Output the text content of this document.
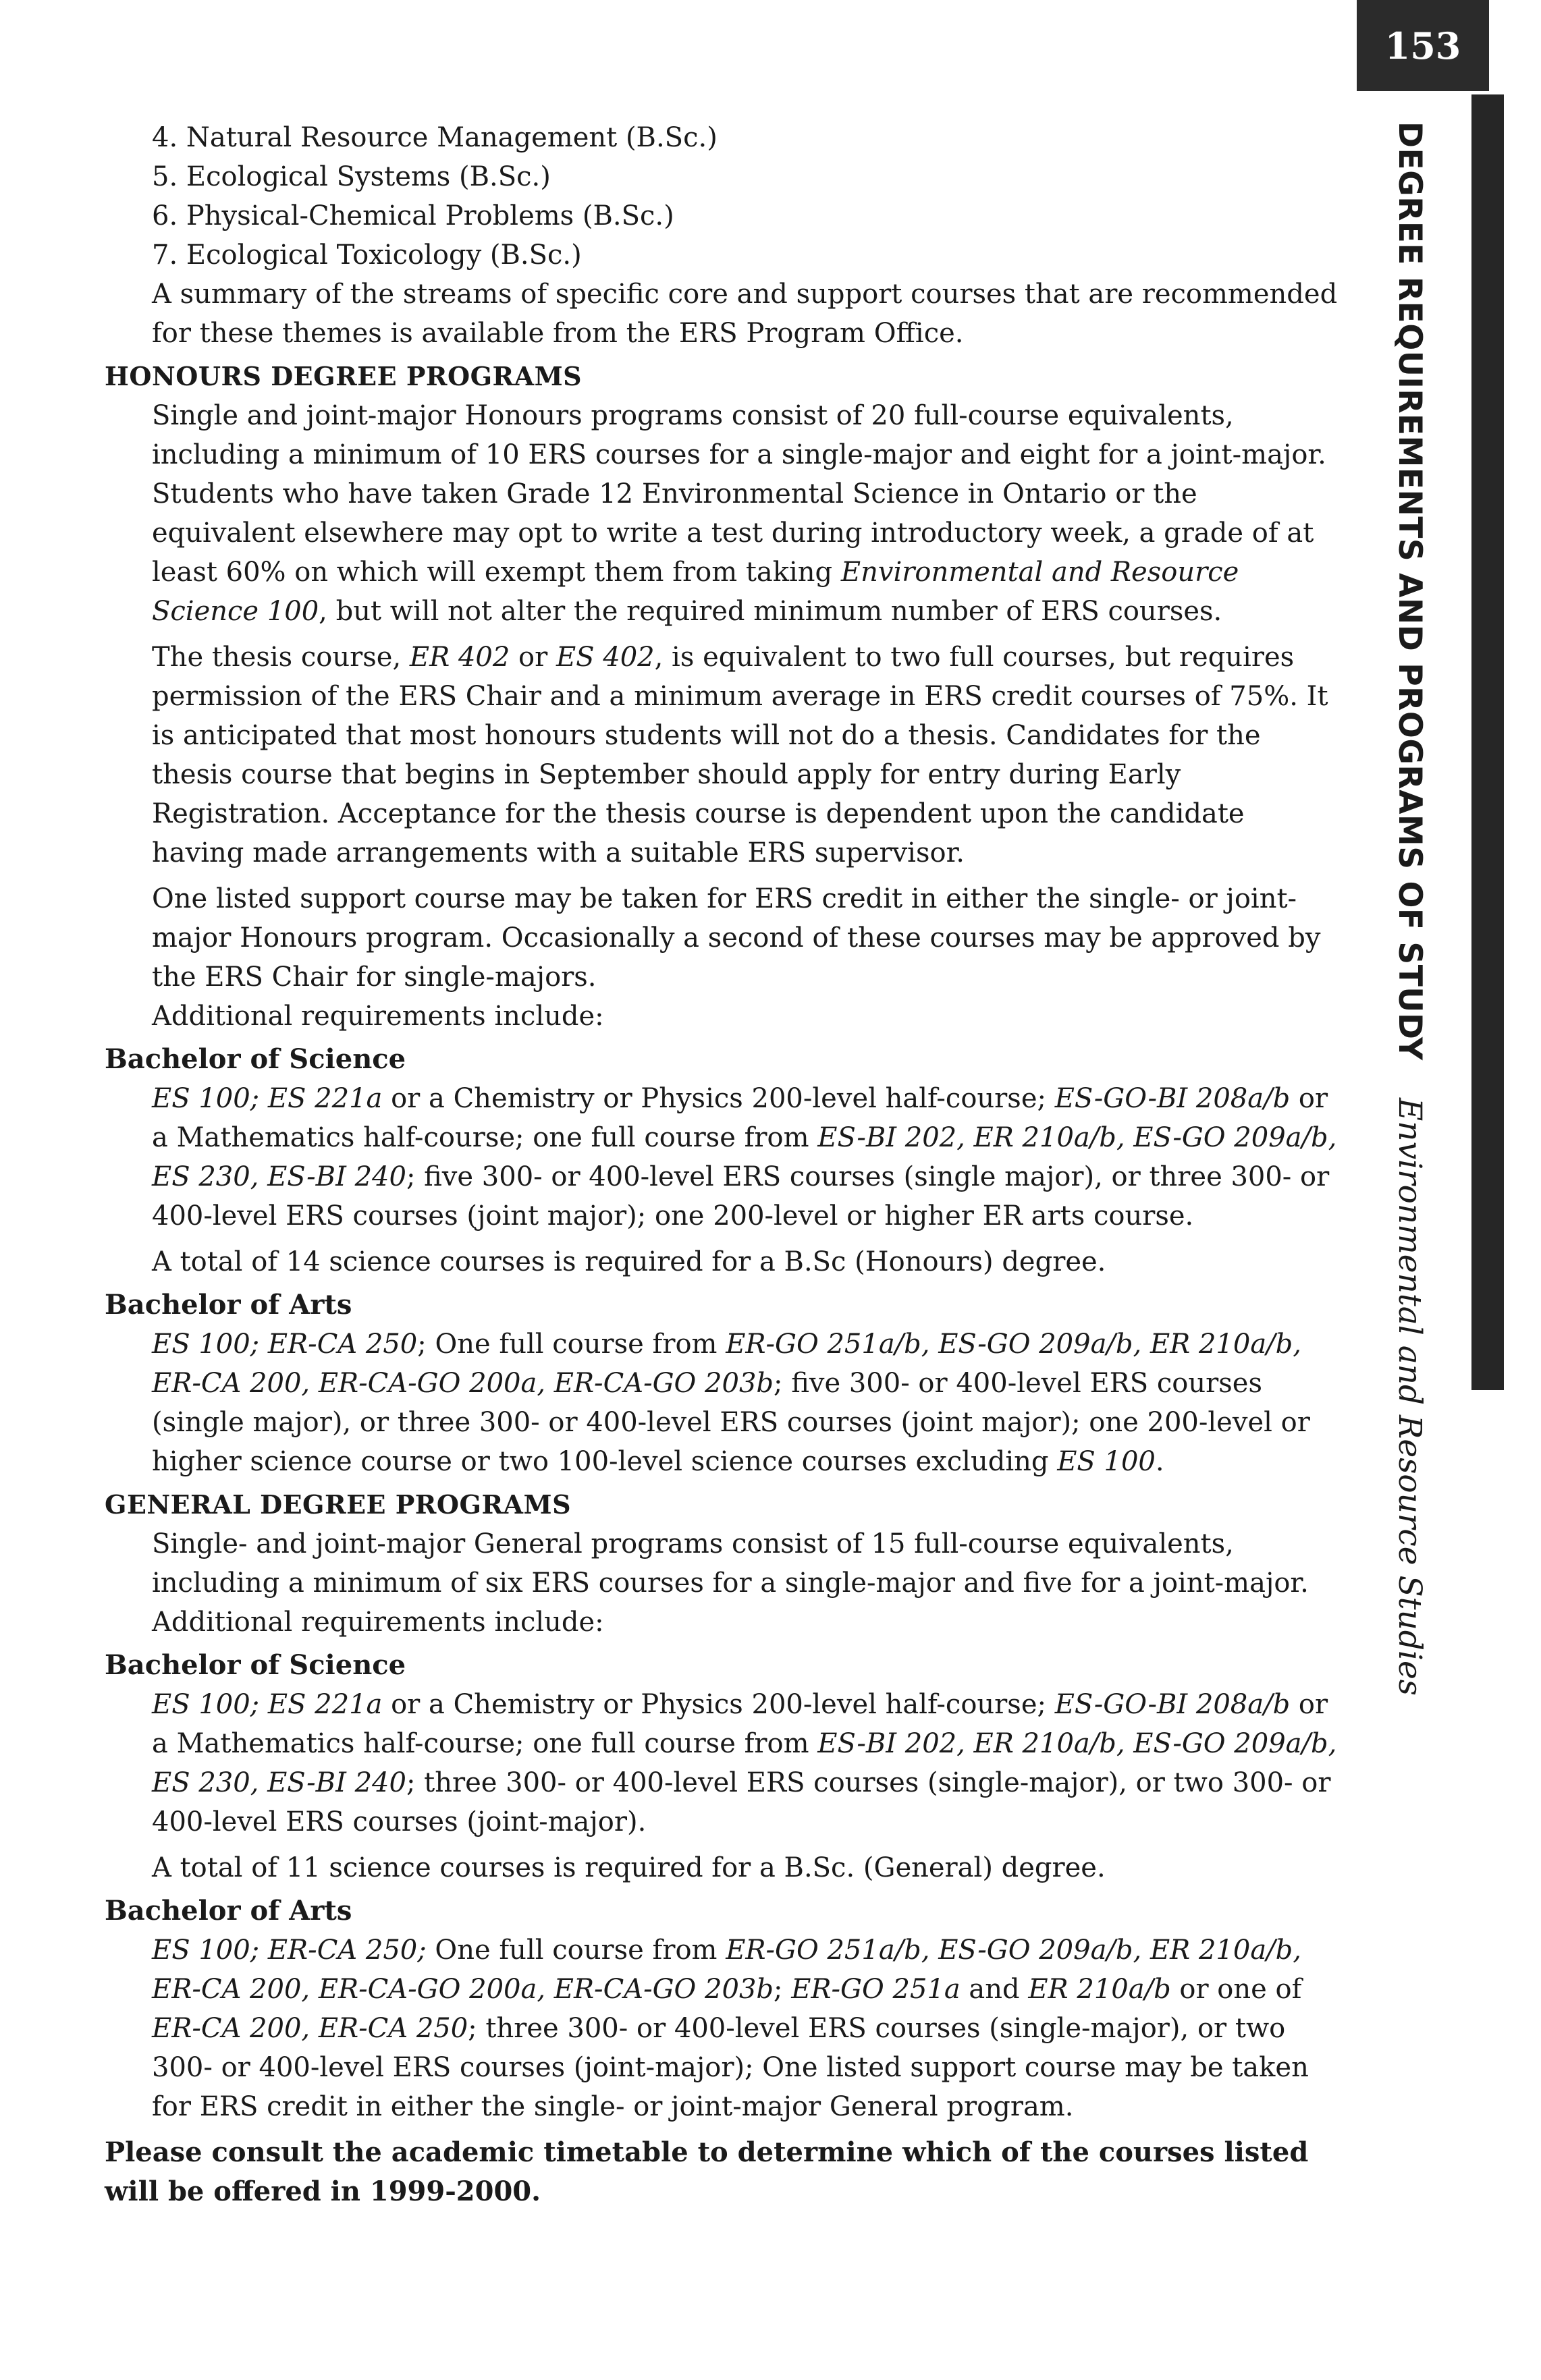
153
DEGREE REQUIREMENTS AND PROGRAMS OF STUDY Environmental and Resource Studies

4. Natural Resource Management (B.Sc.)

5. Ecological Systems (B.Sc.)

6. Physical-Chemical Problems (B.Sc.)

7. Ecological Toxicology (B.Sc.)

A summary of the streams of specific core and support courses that are recommended for these themes is available from the ERS Program Office.

HONOURS DEGREE PROGRAMS

Single and joint-major Honours programs consist of 20 full-course equivalents, including a minimum of 10 ERS courses for a single-major and eight for a joint-major. Students who have taken Grade 12 Environmental Science in Ontario or the equivalent elsewhere may opt to write a test during introductory week, a grade of at least 60% on which will exempt them from taking Environmental and Resource Science 100, but will not alter the required minimum number of ERS courses.

The thesis course, ER 402 or ES 402, is equivalent to two full courses, but requires permission of the ERS Chair and a minimum average in ERS credit courses of 75%. It is anticipated that most honours students will not do a thesis. Candidates for the thesis course that begins in September should apply for entry during Early Registration. Acceptance for the thesis course is dependent upon the candidate having made arrangements with a suitable ERS supervisor.

One listed support course may be taken for ERS credit in either the single- or joint-major Honours program. Occasionally a second of these courses may be approved by the ERS Chair for single-majors.

Additional requirements include:

Bachelor of Science

ES 100; ES 221a or a Chemistry or Physics 200-level half-course; ES-GO-BI 208a/b or a Mathematics half-course; one full course from ES-BI 202, ER 210a/b, ES-GO 209a/b, ES 230, ES-BI 240; five 300- or 400-level ERS courses (single major), or three 300- or 400-level ERS courses (joint major); one 200-level or higher ER arts course.

A total of 14 science courses is required for a B.Sc (Honours) degree.

Bachelor of Arts

ES 100; ER-CA 250; One full course from ER-GO 251a/b, ES-GO 209a/b, ER 210a/b, ER-CA 200, ER-CA-GO 200a, ER-CA-GO 203b; five 300- or 400-level ERS courses (single major), or three 300- or 400-level ERS courses (joint major); one 200-level or higher science course or two 100-level science courses excluding ES 100.

GENERAL DEGREE PROGRAMS

Single- and joint-major General programs consist of 15 full-course equivalents, including a minimum of six ERS courses for a single-major and five for a joint-major. Additional requirements include:

Bachelor of Science

ES 100; ES 221a or a Chemistry or Physics 200-level half-course; ES-GO-BI 208a/b or a Mathematics half-course; one full course from ES-BI 202, ER 210a/b, ES-GO 209a/b, ES 230, ES-BI 240; three 300- or 400-level ERS courses (single-major), or two 300- or 400-level ERS courses (joint-major).

A total of 11 science courses is required for a B.Sc. (General) degree.

Bachelor of Arts

ES 100; ER-CA 250; One full course from ER-GO 251a/b, ES-GO 209a/b, ER 210a/b, ER-CA 200, ER-CA-GO 200a, ER-CA-GO 203b; ER-GO 251a and ER 210a/b or one of ER-CA 200, ER-CA 250; three 300- or 400-level ERS courses (single-major), or two 300- or 400-level ERS courses (joint-major); One listed support course may be taken for ERS credit in either the single- or joint-major General program.

Please consult the academic timetable to determine which of the courses listed will be offered in 1999-2000.
